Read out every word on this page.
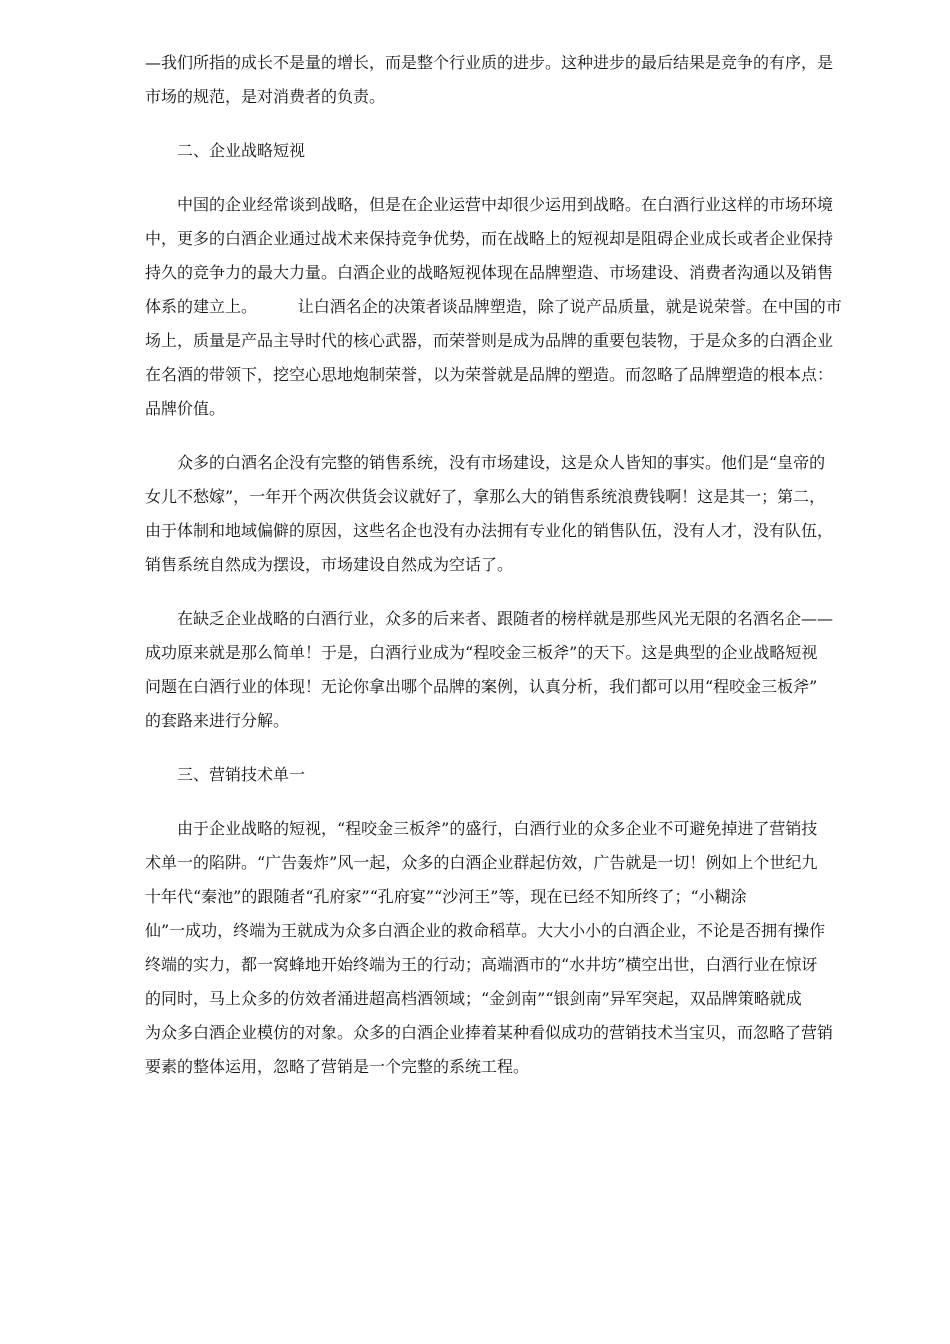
—我们所指的成长不是量的增长，而是整个行业质的进步。这种进步的最后结果是竞争的有序，是
市场的规范，是对消费者的负责。
二、企业战略短视
中国的企业经常谈到战略，但是在企业运营中却很少运用到战略。在白酒行业这样的市场环境
中，更多的白酒企业通过战术来保持竞争优势，而在战略上的短视却是阻碍企业成长或者企业保持
持久的竞争力的最大力量。白酒企业的战略短视体现在品牌塑造、市场建设、消费者沟通以及销售
体系的建立上。        让白酒名企的决策者谈品牌塑造，除了说产品质量，就是说荣誉。在中国的市
场上，质量是产品主导时代的核心武器，而荣誉则是成为品牌的重要包装物，于是众多的白酒企业
在名酒的带领下，挖空心思地炮制荣誉，以为荣誉就是品牌的塑造。而忽略了品牌塑造的根本点：
品牌价值。
众多的白酒名企没有完整的销售系统，没有市场建设，这是众人皆知的事实。他们是“皇帝的
女儿不愁嫁”，一年开个两次供货会议就好了，拿那么大的销售系统浪费钱啊！这是其一；第二，
由于体制和地域偏僻的原因，这些名企也没有办法拥有专业化的销售队伍，没有人才，没有队伍，
销售系统自然成为摆设，市场建设自然成为空话了。
在缺乏企业战略的白酒行业，众多的后来者、跟随者的榜样就是那些风光无限的名酒名企——
成功原来就是那么简单！于是，白酒行业成为“程咬金三板斧”的天下。这是典型的企业战略短视
问题在白酒行业的体现！无论你拿出哪个品牌的案例，认真分析，我们都可以用“程咬金三板斧”
的套路来进行分解。
三、营销技术单一
由于企业战略的短视，“程咬金三板斧”的盛行，白酒行业的众多企业不可避免掉进了营销技
术单一的陷阱。“广告轰炸”风一起，众多的白酒企业群起仿效，广告就是一切！例如上个世纪九
十年代“秦池”的跟随者“孔府家”“孔府宴”“沙河王”等，现在已经不知所终了；“小糊涂
仙”一成功，终端为王就成为众多白酒企业的救命稻草。大大小小的白酒企业，不论是否拥有操作
终端的实力，都一窝蜂地开始终端为王的行动；高端酒市的“水井坊”横空出世，白酒行业在惊讶
的同时，马上众多的仿效者涌进超高档酒领域；“金剑南”“银剑南”异军突起，双品牌策略就成
为众多白酒企业模仿的对象。众多的白酒企业捧着某种看似成功的营销技术当宝贝，而忽略了营销
要素的整体运用，忽略了营销是一个完整的系统工程。
